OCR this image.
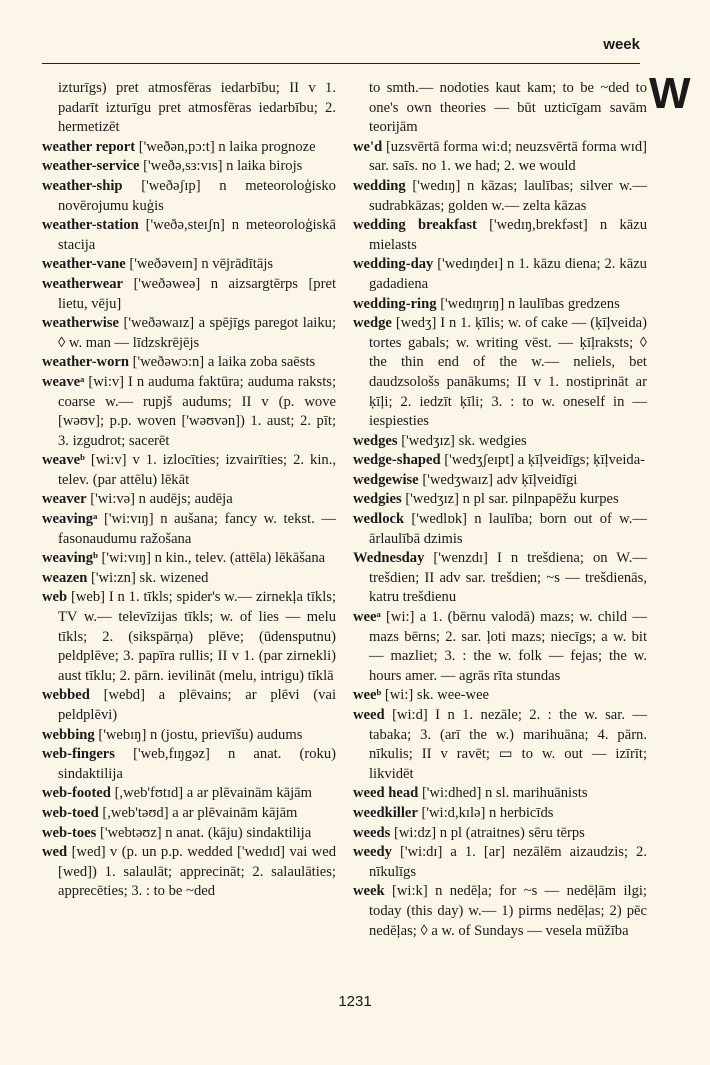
week
W
izturīgs) pret atmosfēras iedarbību; II v 1. padarīt izturīgu pret atmosfēras iedarbību; 2. hermetizēt
weather report ['weðən,pɔ:t] n laika prognoze
weather-service ['weðə,sз:vɪs] n laika birojs
weather-ship ['weðəʃɪp] n meteoroloģisko novērojumu kuģis
weather-station ['weðə,steɪʃn] n meteoroloģiskā stacija
weather-vane ['weðəveɪn] n vējrādītājs
weatherwear ['weðəweə] n aizsargtērps [pret lietu, vēju]
weatherwise ['weðəwaɪz] a spējīgs paregot laiku; ◊ w. man — līdzskrējējs
weather-worn ['weðəwɔ:n] a laika zoba saēsts
weaveᵃ [wi:v] I n auduma faktūra; auduma raksts; coarse w.— rupjš audums; II v (p. wove [wəʊv]; p.p. woven ['wəʊvən]) 1. aust; 2. pīt; 3. izgudrot; sacerēt
weaveᵇ [wi:v] v 1. izlocīties; izvairīties; 2. kin., telev. (par attēlu) lēkāt
weaver ['wi:və] n audējs; audēja
weavingᵃ ['wi:vɪŋ] n aušana; fancy w. tekst. — fasonaudumu ražošana
weavingᵇ ['wi:vɪŋ] n kin., telev. (attēla) lēkāšana
weazen ['wi:zn] sk. wizened
web [web] I n 1. tīkls; spider's w.— zirnekļa tīkls; TV w.— televīzijas tīkls; w. of lies — melu tīkls; 2. (sikspārņa) plēve; (ūdensputnu) peldplēve; 3. papīra rullis; II v 1. (par zirnekli) aust tīklu; 2. pārn. ievilināt (melu, intrigu) tīklā
webbed [webd] a plēvains; ar plēvi (vai peldplēvi)
webbing ['webɪŋ] n (jostu, prievīšu) audums
web-fingers ['web,fɪŋgəz] n anat. (roku) sindaktilija
web-footed [,web'fʊtɪd] a ar plēvainām kājām
web-toed [,web'təʊd] a ar plēvainām kājām
web-toes ['webtəʊz] n anat. (kāju) sindaktilija
wed [wed] v (p. un p.p. wedded ['wedɪd] vai wed [wed]) 1. salaulāt; apprecināt; 2. salaulāties; apprecēties; 3. : to be ~ded
to smth.— nodoties kaut kam; to be ~ded to one's own theories — būt uzticīgam savām teorijām
we'd [uzsvērtā forma wi:d; neuzsvērtā forma wɪd] sar. saīs. no 1. we had; 2. we would
wedding ['wedɪŋ] n kāzas; laulības; silver w.— sudrabkāzas; golden w.— zelta kāzas
wedding breakfast ['wedɪŋ,brekfəst] n kāzu mielasts
wedding-day ['wedɪŋdeɪ] n 1. kāzu diena; 2. kāzu gadadiena
wedding-ring ['wedɪŋrɪŋ] n laulības gredzens
wedge [wedʒ] I n 1. ķīlis; w. of cake — (ķīļveida) tortes gabals; w. writing vēst. — ķīļraksts; ◊ the thin end of the w.— neliels, bet daudzsološs panākums; II v 1. nostiprināt ar ķīļi; 2. iedzīt ķīli; 3. : to w. oneself in — iespiesties
wedges ['wedʒɪz] sk. wedgies
wedge-shaped ['wedʒʃeɪpt] a ķīļveidīgs; ķīļveida-
wedgewise ['wedʒwaɪz] adv ķīļveidīgi
wedgies ['wedʒɪz] n pl sar. pilnpapēžu kurpes
wedlock ['wedlɒk] n laulība; born out of w.— ārlaulībā dzimis
Wednesday ['wenzdɪ] I n trešdiena; on W.— trešdien; II adv sar. trešdien; ~s — trešdienās, katru trešdienu
weeᵃ [wi:] a 1. (bērnu valodā) mazs; w. child — mazs bērns; 2. sar. ļoti mazs; niecīgs; a w. bit — mazliet; 3. : the w. folk — fejas; the w. hours amer. — agrās rīta stundas
weeᵇ [wi:] sk. wee-wee
weed [wi:d] I n 1. nezāle; 2. : the w. sar. — tabaka; 3. (arī the w.) marihuāna; 4. pārn. nīkulis; II v ravēt; ▭ to w. out — izīrīt; likvidēt
weed head ['wi:dhed] n sl. marihuānists
weedkiller ['wi:d,kɪlə] n herbicīds
weeds [wi:dz] n pl (atraitnes) sēru tērps
weedy ['wi:dɪ] a 1. [ar] nezālēm aizaudzis; 2. nīkulīgs
week [wi:k] n nedēļa; for ~s — nedēļām ilgi; today (this day) w.— 1) pirms nedēļas; 2) pēc nedēļas; ◊ a w. of Sundays — vesela mūžība
1231
